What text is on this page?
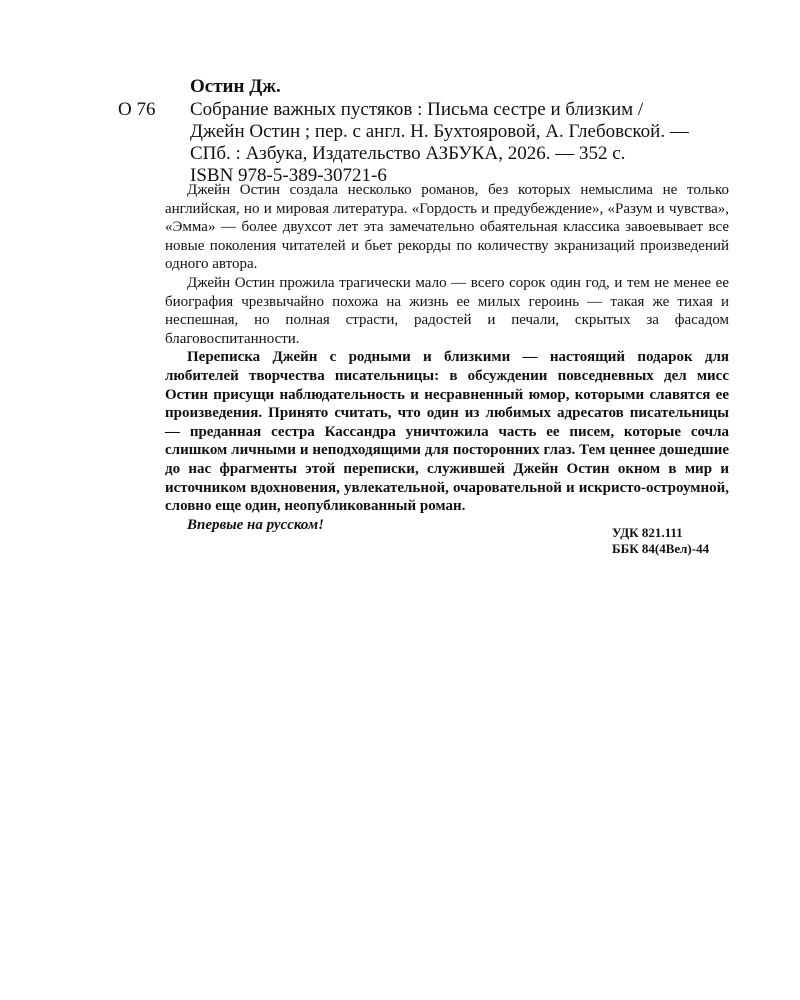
Остин Дж.
О 76 Собрание важных пустяков : Письма сестре и близким /
Джейн Остин ; пер. с англ. Н. Бухтояровой, А. Глебовской. —
СПб. : Азбука, Издательство АЗБУКА, 2026. — 352 с.
ISBN 978-5-389-30721-6

Джейн Остин создала несколько романов, без которых немыслима не только английская, но и мировая литература. «Гордость и предубеждение», «Разум и чувства», «Эмма» — более двухсот лет эта замечательно обаятельная классика завоевывает все новые поколения читателей и бьет рекорды по количеству экранизаций произведений одного автора.

Джейн Остин прожила трагически мало — всего сорок один год, и тем не менее ее биография чрезвычайно похожа на жизнь ее милых героинь — такая же тихая и неспешная, но полная страсти, радостей и печали, скрытых за фасадом благовоспитанности.

Переписка Джейн с родными и близкими — настоящий подарок для любителей творчества писательницы: в обсуждении повседневных дел мисс Остин присущи наблюдательность и несравненный юмор, которыми славятся ее произведения. Принято считать, что один из любимых адресатов писательницы — преданная сестра Кассандра уничтожила часть ее писем, которые сочла слишком личными и неподходящими для посторонних глаз. Тем ценнее дошедшие до нас фрагменты этой переписки, служившей Джейн Остин окном в мир и источником вдохновения, увлекательной, очаровательной и искристо-остроумной, словно еще один, неопубликованный роман.

Впервые на русском!	УДК 821.111
ББК 84(4Вел)-44
